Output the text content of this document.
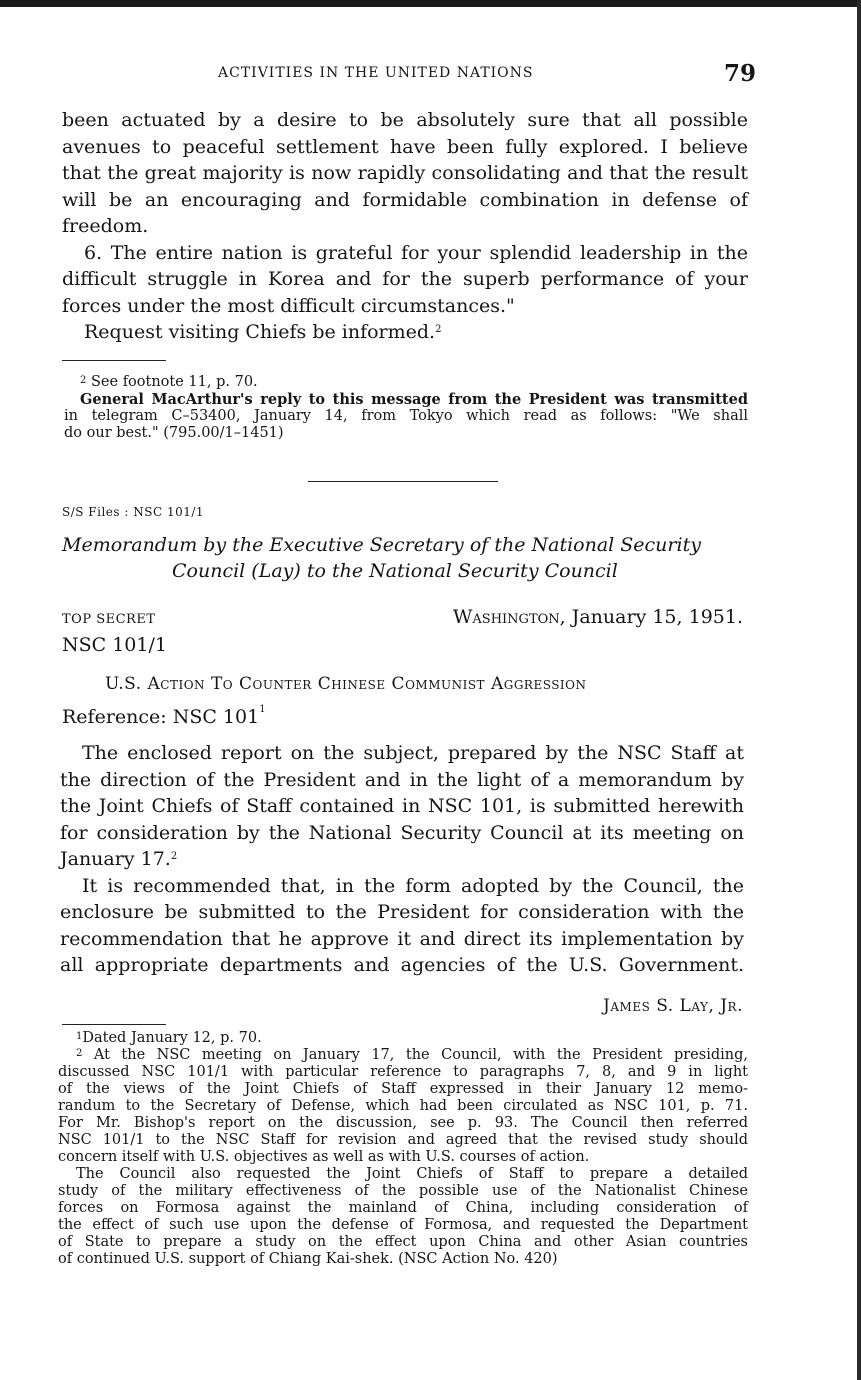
ACTIVITIES IN THE UNITED NATIONS	79
been actuated by a desire to be absolutely sure that all possible
avenues to peaceful settlement have been fully explored. I believe
that the great majority is now rapidly consolidating and that the result
will be an encouraging and formidable combination in defense of
freedom.
6. The entire nation is grateful for your splendid leadership in the
difficult struggle in Korea and for the superb performance of your
forces under the most difficult circumstances."
Request visiting Chiefs be informed.$^2$
$^2$ See footnote 11, p. 70.
General MacArthur's reply to this message from the President was transmitted
in telegram C–53400, January 14, from Tokyo which read as follows: "We shall
do our best." (795.00/1–1451)
S/S Files : NSC 101/1
Memorandum by the Executive Secretary of the National Security
Council (Lay) to the National Security Council
TOP SECRET	Washington, January 15, 1951.
NSC 101/1
U.S. Action To Counter Chinese Communist Aggression
Reference: NSC $101^1$
The enclosed report on the subject, prepared by the NSC Staff at
the direction of the President and in the light of a memorandum by
the Joint Chiefs of Staff contained in NSC 101, is submitted herewith
for consideration by the National Security Council at its meeting on
January 17.$^2$
It is recommended that, in the form adopted by the Council, the
enclosure be submitted to the President for consideration with the
recommendation that he approve it and direct its implementation by
all appropriate departments and agencies of the U.S. Government.
James S. Lay, Jr.
$^1$Dated January 12, p. 70.
$^2$ At the NSC meeting on January 17, the Council, with the President presiding,
discussed NSC 101/1 with particular reference to paragraphs 7, 8, and 9 in light
of the views of the Joint Chiefs of Staff expressed in their January 12 memo-
randum to the Secretary of Defense, which had been circulated as NSC 101, p. 71.
For Mr. Bishop's report on the discussion, see p. 93. The Council then referred
NSC 101/1 to the NSC Staff for revision and agreed that the revised study should
concern itself with U.S. objectives as well as with U.S. courses of action.
The Council also requested the Joint Chiefs of Staff to prepare a detailed
study of the military effectiveness of the possible use of the Nationalist Chinese
forces on Formosa against the mainland of China, including consideration of
the effect of such use upon the defense of Formosa, and requested the Department
of State to prepare a study on the effect upon China and other Asian countries
of continued U.S. support of Chiang Kai-shek. (NSC Action No. 420)
